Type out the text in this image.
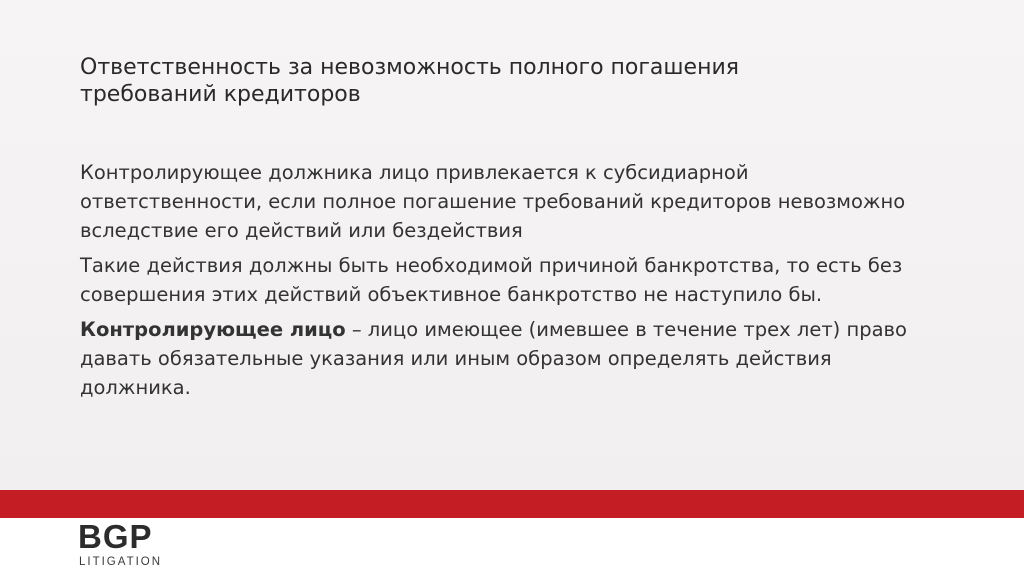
Ответственность за невозможность полного погашения
требований кредиторов
Контролирующее должника лицо привлекается к субсидиарной
ответственности, если полное погашение требований кредиторов невозможно
вследствие его действий или бездействия
Такие действия должны быть необходимой причиной банкротства, то есть без
совершения этих действий объективное банкротство не наступило бы.
Контролирующее лицо – лицо имеющее (имевшее в течение трех лет) право
давать обязательные указания или иным образом определять действия
должника.
BGP
LITIGATION
